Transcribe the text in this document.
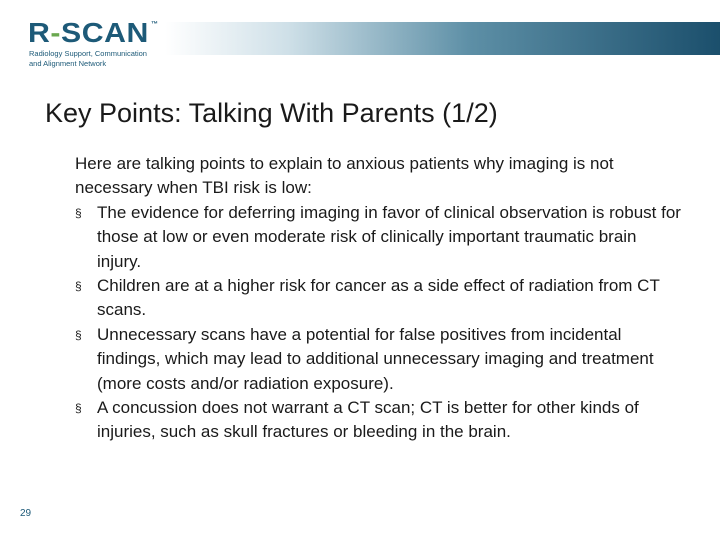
R-SCAN ™
Radiology Support, Communication
and Alignment Network
Key Points: Talking With Parents (1/2)

Here are talking points to explain to anxious patients why imaging is not necessary when TBI risk is low:

§ The evidence for deferring imaging in favor of clinical observation is robust for those at low or even moderate risk of clinically important traumatic brain injury.
§ Children are at a higher risk for cancer as a side effect of radiation from CT scans.
§ Unnecessary scans have a potential for false positives from incidental findings, which may lead to additional unnecessary imaging and treatment (more costs and/or radiation exposure).
§ A concussion does not warrant a CT scan; CT is better for other kinds of injuries, such as skull fractures or bleeding in the brain.
29
